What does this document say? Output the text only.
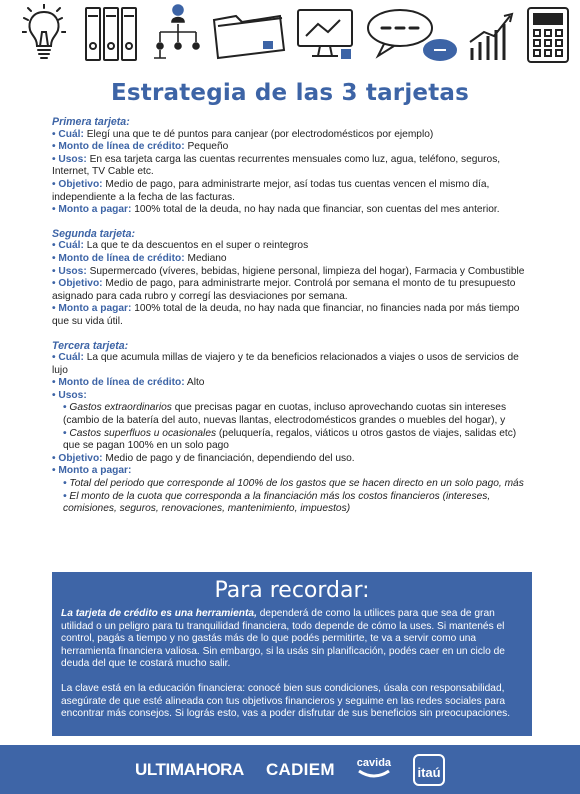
Estrategia de las 3 tarjetas
Primera tarjeta:
• Cuál: Elegí una que te dé puntos para canjear (por electrodomésticos por ejemplo)
• Monto de línea de crédito: Pequeño
• Usos: En esa tarjeta carga las cuentas recurrentes mensuales como luz, agua, teléfono, seguros, Internet, TV Cable etc.
• Objetivo: Medio de pago, para administrarte mejor, así todas tus cuentas vencen el mismo día, independiente a la fecha de las facturas.
• Monto a pagar: 100% total de la deuda, no hay nada que financiar, son cuentas del mes anterior.
Segunda tarjeta:
• Cuál: La que te da descuentos en el super o reintegros
• Monto de línea de crédito: Mediano
• Usos: Supermercado (víveres, bebidas, higiene personal, limpieza del hogar), Farmacia y Combustible
• Objetivo: Medio de pago, para administrarte mejor. Controlá por semana el monto de tu presupuesto asignado para cada rubro y corregí las desviaciones por semana.
• Monto a pagar: 100% total de la deuda, no hay nada que financiar, no financies nada por más tiempo que su vida útil.
Tercera tarjeta:
• Cuál: La que acumula millas de viajero y te da beneficios relacionados a viajes o usos de servicios de lujo
• Monto de línea de crédito: Alto
• Usos:
• Gastos extraordinarios que precisas pagar en cuotas, incluso aprovechando cuotas sin intereses (cambio de la batería del auto, nuevas llantas, electrodomésticos grandes o muebles del hogar), y
• Castos superfluos u ocasionales (peluquería, regalos, viáticos u otros gastos de viajes, salidas etc) que se pagan 100% en un solo pago
• Objetivo: Medio de pago y de financiación, dependiendo del uso.
• Monto a pagar:
• Total del periodo que corresponde al 100% de los gastos que se hacen directo en un solo pago, más
• El monto de la cuota que corresponda a la financiación más los costos financieros (intereses, comisiones, seguros, renovaciones, mantenimiento, impuestos)
Para recordar:

La tarjeta de crédito es una herramienta, dependerá de como la utilices para que sea de gran utilidad o un peligro para tu tranquilidad financiera, todo depende de cómo la uses. Si mantenés el control, pagás a tiempo y no gastás más de lo que podés permitirte, te va a servir como una herramienta financiera valiosa. Sin embargo, si la usás sin planificación, podés caer en un ciclo de deuda del que te costará mucho salir.

La clave está en la educación financiera: conocé bien sus condiciones, úsala con responsabilidad, asegúrate de que esté alineada con tus objetivos financieros y seguime en las redes sociales para encontrar más consejos. Si lográs esto, vas a poder disfrutar de sus beneficios sin preocupaciones.

ULTIMAHORA CADIEM cavida

itaú
